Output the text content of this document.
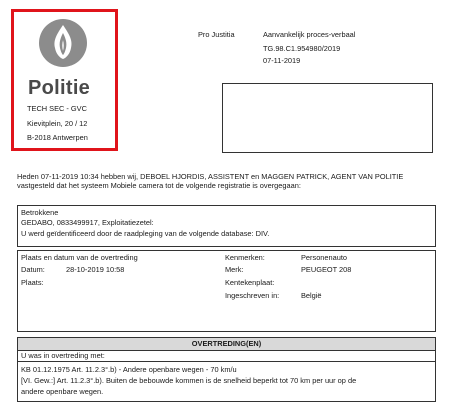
Politie
TECH SEC - GVC
Kievitplein, 20 / 12
B-2018 Antwerpen
Pro Justitia	Aanvankelijk proces-verbaal
TG.98.C1.954980/2019
07-11-2019
Heden 07-11-2019 10:34 hebben wij, DEBOEL HJORDIS, ASSISTENT en MAGGEN PATRICK, AGENT VAN POLITIE vastgesteld dat het systeem Mobiele camera tot de volgende registratie is overgegaan:
Betrokkene
GEDABO, 0833499917, Exploitatiezetel:
U werd geïdentificeerd door de raadpleging van de volgende database: DIV.
Plaats en datum van de overtreding
Datum:	28-10-2019 10:58
Plaats:
Kenmerken:	Personenauto
Merk:	PEUGEOT 208
Kentekenplaat:
Ingeschreven in:	België
OVERTREDING(EN)
U was in overtreding met:
KB 01.12.1975 Art. 11.2.3°.b) - Andere openbare wegen - 70 km/u
[VI. Gew.:] Art. 11.2.3°.b). Buiten de bebouwde kommen is de snelheid beperkt tot 70 km per uur op de
andere openbare wegen.
